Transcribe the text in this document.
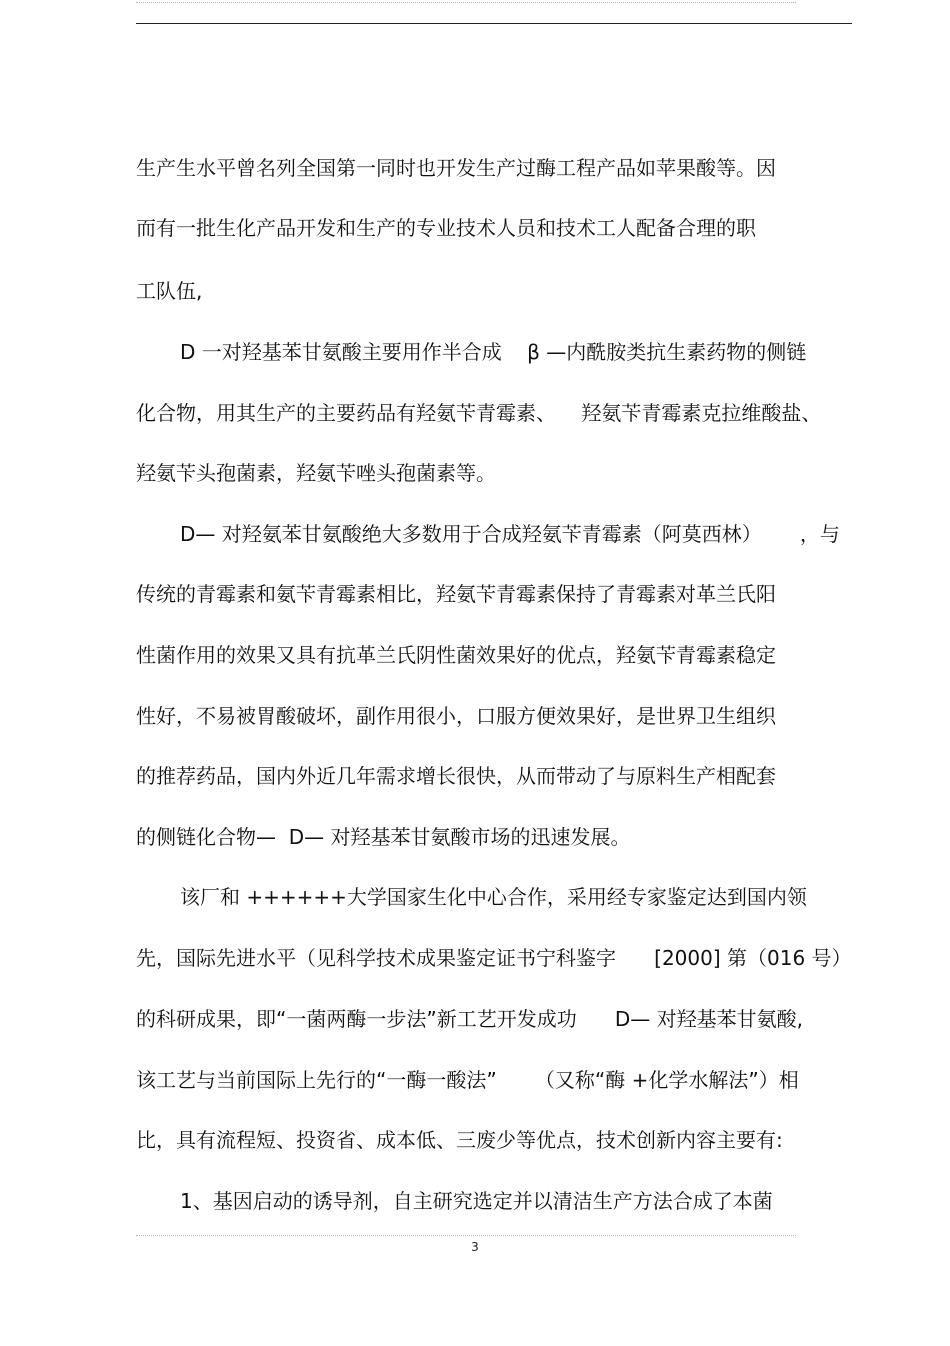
生产生水平曾名列全国第一同时也开发生产过酶工程产品如苹果酸等。因
而有一批生化产品开发和生产的专业技术人员和技术工人配备合理的职
工队伍,
D 一对羟基苯甘氨酸主要用作半合成    β —内酰胺类抗生素药物的侧链
化合物，用其生产的主要药品有羟氨苄青霉素、    羟氨苄青霉素克拉维酸盐、
羟氨苄头孢菌素，羟氨苄唑头孢菌素等。
D— 对羟氨苯甘氨酸绝大多数用于合成羟氨苄青霉素（阿莫西林）      ，与
传统的青霉素和氨苄青霉素相比，羟氨苄青霉素保持了青霉素对革兰氏阳
性菌作用的效果又具有抗革兰氏阴性菌效果好的优点，羟氨苄青霉素稳定
性好，不易被胃酸破坏，副作用很小，口服方便效果好，是世界卫生组织
的推荐药品，国内外近几年需求增长很快，从而带动了与原料生产相配套
的侧链化合物—  D— 对羟基苯甘氨酸市场的迅速发展。
该厂和 ++++++大学国家生化中心合作，采用经专家鉴定达到国内领
先，国际先进水平（见科学技术成果鉴定证书宁科鉴字      [2000] 第（016 号）
的科研成果，即“一菌两酶一步法”新工艺开发成功      D— 对羟基苯甘氨酸,
该工艺与当前国际上先行的“一酶一酸法”      （又称“酶 +化学水解法”）相
比，具有流程短、投资省、成本低、三废少等优点，技术创新内容主要有:
1、基因启动的诱导剂，自主研究选定并以清洁生产方法合成了本菌
3
